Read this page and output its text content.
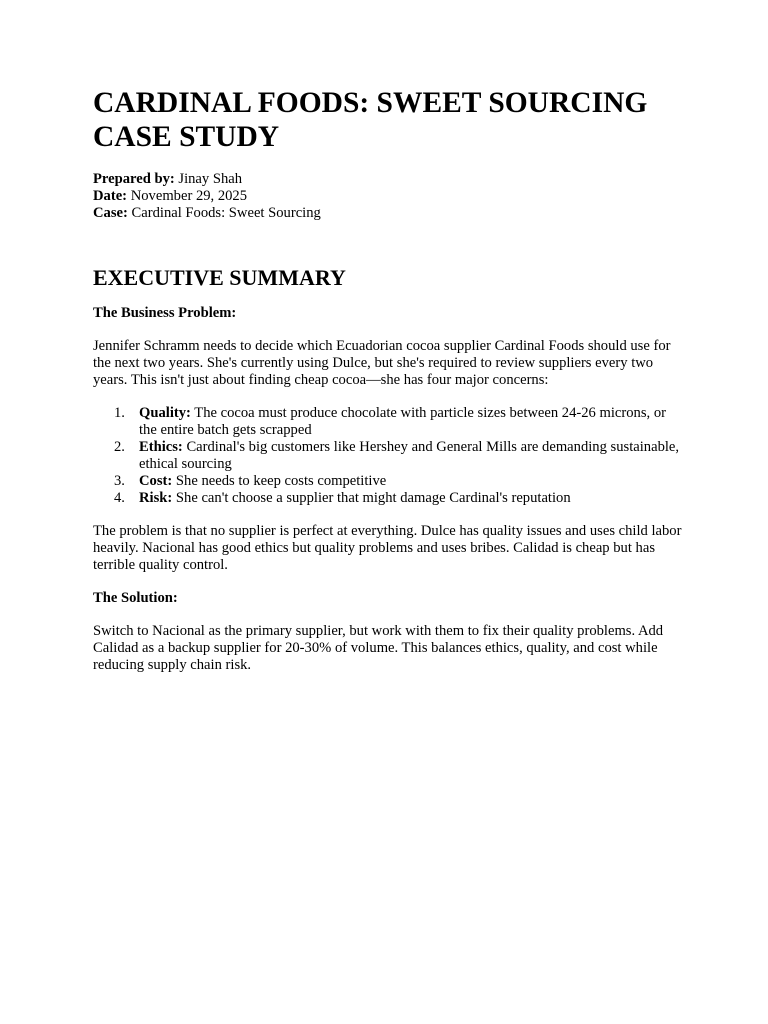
CARDINAL FOODS: SWEET SOURCING
CASE STUDY
Prepared by: Jinay Shah
Date: November 29, 2025
Case: Cardinal Foods: Sweet Sourcing
EXECUTIVE SUMMARY

The Business Problem:

Jennifer Schramm needs to decide which Ecuadorian cocoa supplier Cardinal Foods should use for the next two years. She's currently using Dulce, but she's required to review suppliers every two years. This isn't just about finding cheap cocoa—she has four major concerns:

1. Quality: The cocoa must produce chocolate with particle sizes between 24-26 microns, or the entire batch gets scrapped
2. Ethics: Cardinal's big customers like Hershey and General Mills are demanding sustainable, ethical sourcing
3. Cost: She needs to keep costs competitive
4. Risk: She can't choose a supplier that might damage Cardinal's reputation

The problem is that no supplier is perfect at everything. Dulce has quality issues and uses child labor heavily. Nacional has good ethics but quality problems and uses bribes. Calidad is cheap but has terrible quality control.

The Solution:

Switch to Nacional as the primary supplier, but work with them to fix their quality problems. Add Calidad as a backup supplier for 20-30% of volume. This balances ethics, quality, and cost while reducing supply chain risk.
